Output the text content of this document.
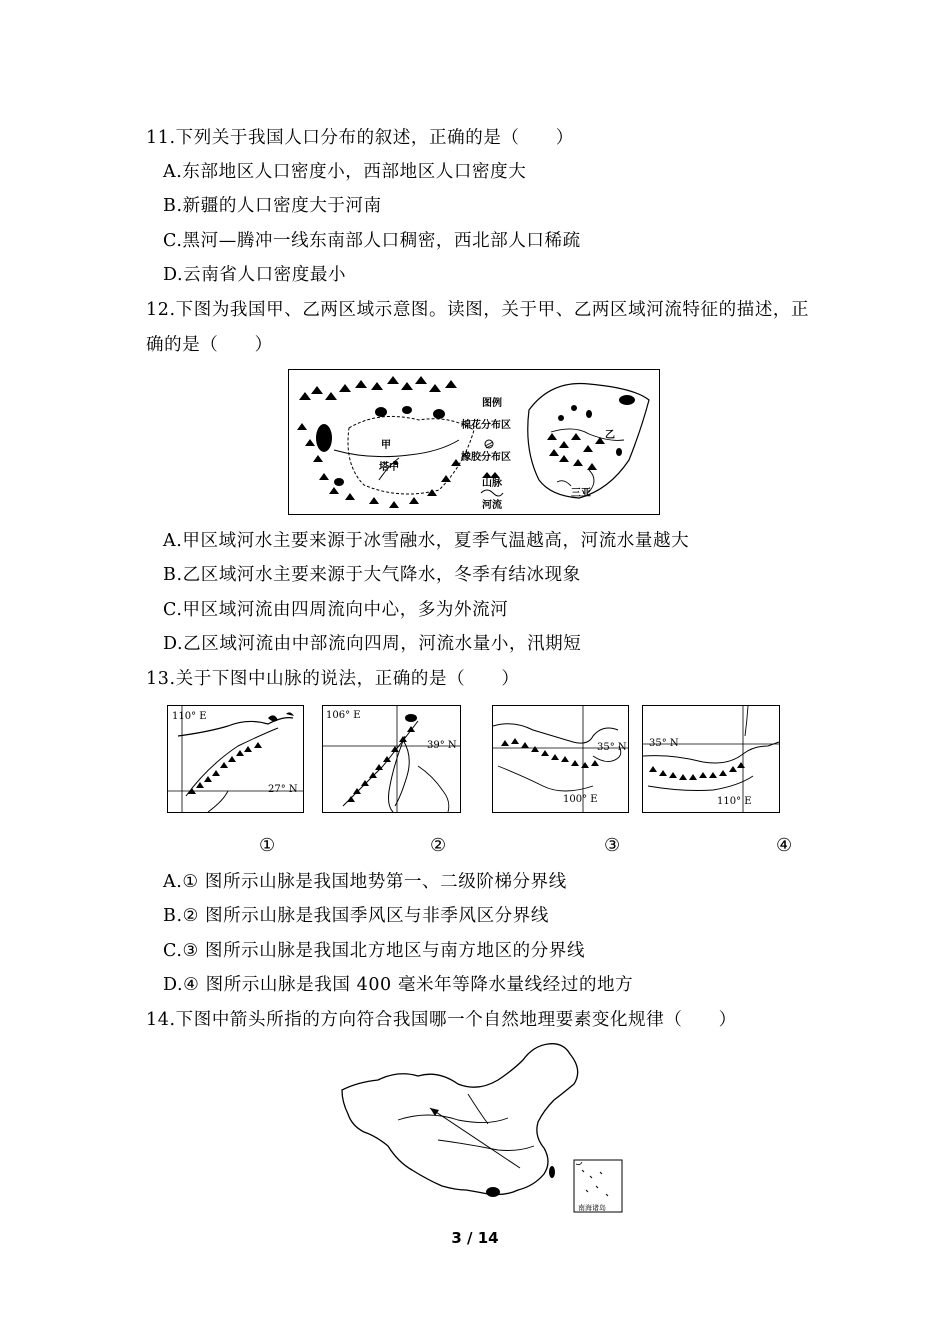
11.下列关于我国人口分布的叙述，正确的是（　　）
A.东部地区人口密度小，西部地区人口密度大
B.新疆的人口密度大于河南
C.黑河—腾冲一线东南部人口稠密，西北部人口稀疏
D.云南省人口密度最小
12.下图为我国甲、乙两区域示意图。读图，关于甲、乙两区域河流特征的描述，正
确的是（　　）
甲
塔中
图例
棉花分布区
橡胶分布区
山脉
河流
乙
三亚
A.甲区域河水主要来源于冰雪融水，夏季气温越高，河流水量越大
B.乙区域河水主要来源于大气降水，冬季有结冰现象
C.甲区域河流由四周流向中心，多为外流河
D.乙区域河流由中部流向四周，河流水量小，汛期短
13.关于下图中山脉的说法，正确的是（　　）
110° E
27° N
106° E
39° N	35° N
100° E
35° N
110° E
①	②	③	④
A.① 图所示山脉是我国地势第一、二级阶梯分界线
B.② 图所示山脉是我国季风区与非季风区分界线
C.③ 图所示山脉是我国北方地区与南方地区的分界线
D.④ 图所示山脉是我国 400 毫米年等降水量线经过的地方
14.下图中箭头所指的方向符合我国哪一个自然地理要素变化规律（　　）
南海诸岛
3 / 14
